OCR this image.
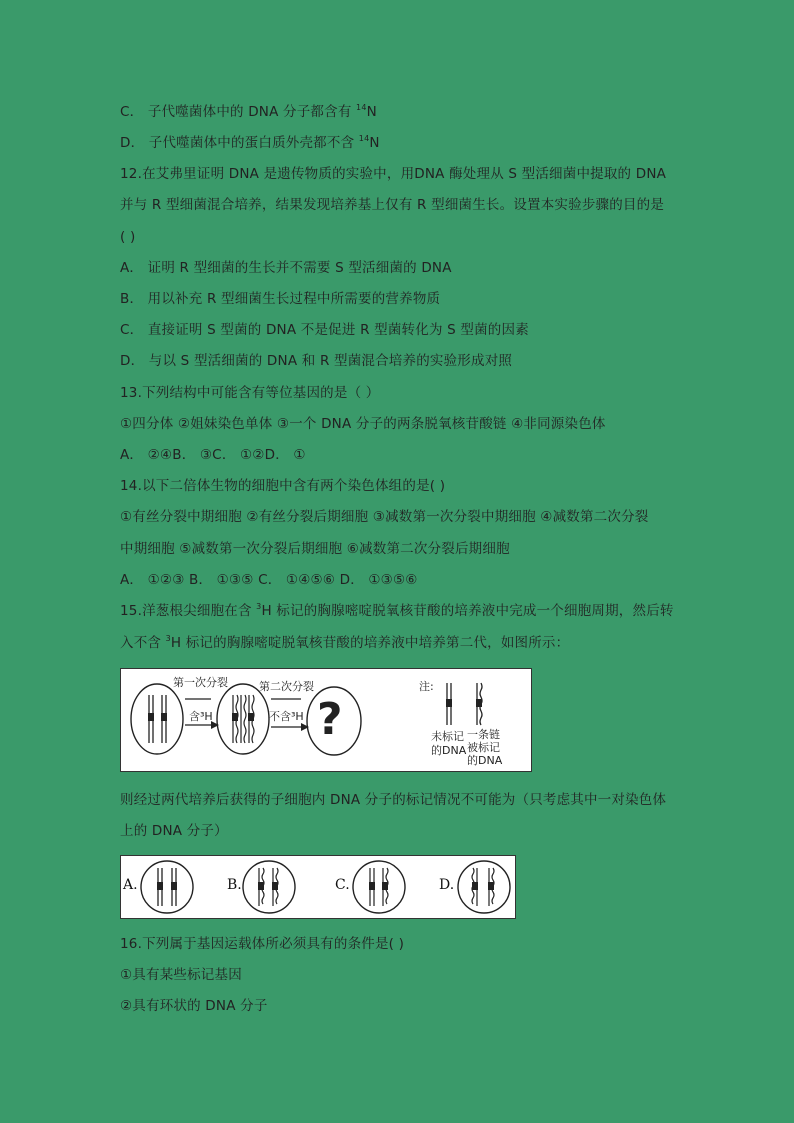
C． 子代噬菌体中的 DNA 分子都含有 $^{14}$N
D． 子代噬菌体中的蛋白质外壳都不含 $^{14}$N
12.在艾弗里证明 DNA 是遗传物质的实验中，用DNA 酶处理从 S 型活细菌中提取的 DNA
并与 R 型细菌混合培养，结果发现培养基上仅有 R 型细菌生长。设置本实验步骤的目的是
( )
A． 证明 R 型细菌的生长并不需要 S 型活细菌的 DNA
B． 用以补充 R 型细菌生长过程中所需要的营养物质
C． 直接证明 S 型菌的 DNA 不是促进 R 型菌转化为 S 型菌的因素
D． 与以 S 型活细菌的 DNA 和 R 型菌混合培养的实验形成对照
13.下列结构中可能含有等位基因的是（ ）
①四分体 ②姐妹染色单体 ③一个 DNA 分子的两条脱氧核苷酸链 ④非同源染色体
A． ②④B． ③C． ①②D． ①
14.以下二倍体生物的细胞中含有两个染色体组的是( )
①有丝分裂中期细胞 ②有丝分裂后期细胞 ③减数第一次分裂中期细胞 ④减数第二次分裂
中期细胞 ⑤减数第一次分裂后期细胞 ⑥减数第二次分裂后期细胞
A． ①②③ B． ①③⑤ C． ①④⑤⑥ D． ①③⑤⑥
15.洋葱根尖细胞在含 $^3$H 标记的胸腺嘧啶脱氧核苷酸的培养液中完成一个细胞周期，然后转
入不含 $^3$H 标记的胸腺嘧啶脱氧核苷酸的培养液中培养第二代，如图所示：
第一次分裂
含³H
第二次分裂
不含³H ?
注:
未标记
的DNA
一条链
被标记
的DNA
则经过两代培养后获得的子细胞内 DNA 分子的标记情况不可能为（只考虑其中一对染色体
上的 DNA 分子）
A.	B.	C.	D.
16.下列属于基因运载体所必须具有的条件是( )
①具有某些标记基因
②具有环状的 DNA 分子
